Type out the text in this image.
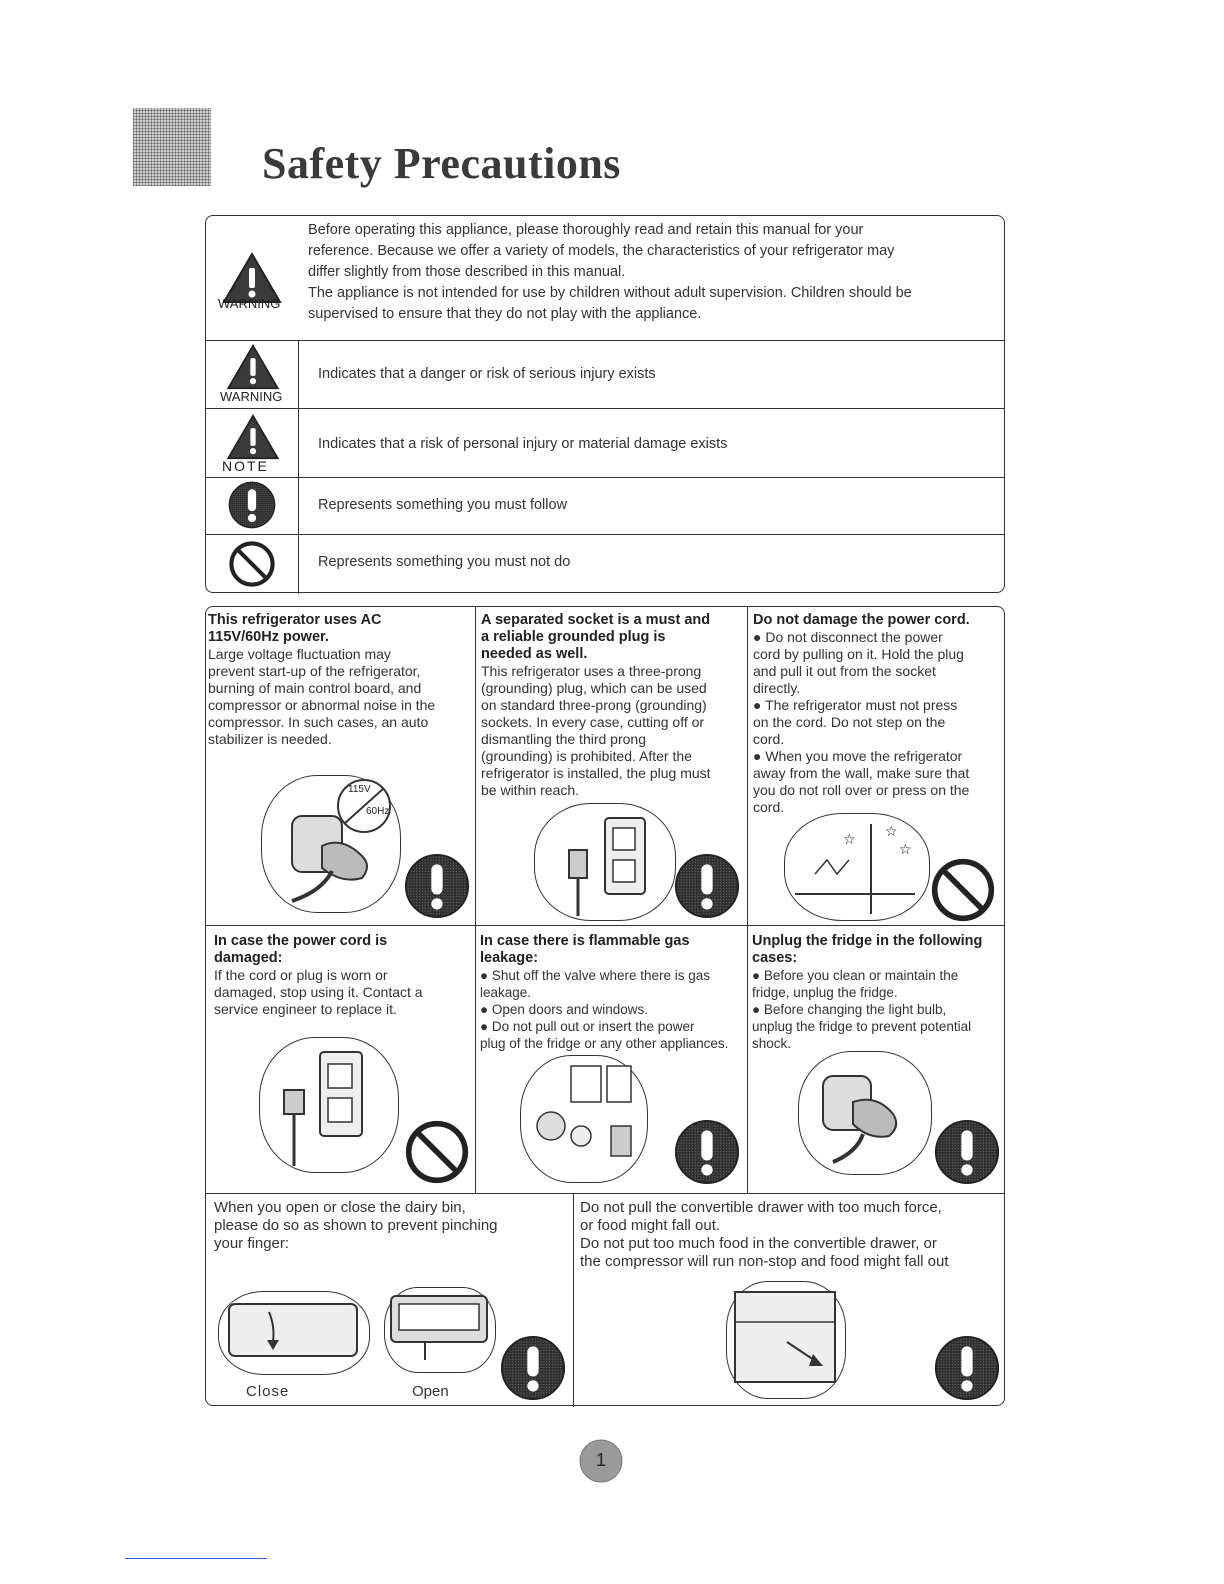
Safety Precautions
WARNING
Before operating this appliance, please thoroughly read and retain this manual for your
reference. Because we offer a variety of models, the characteristics of your refrigerator may
differ slightly from those described in this manual.
The appliance is not intended for use by children without adult supervision. Children should be
supervised to ensure that they do not play with the appliance.
WARNING
Indicates that a danger or risk of serious injury exists
NOTE
Indicates that a risk of personal injury or material damage exists
Represents something you must follow
Represents something you must not do
This refrigerator uses AC
115V/60Hz power.
Large voltage fluctuation may
prevent start-up of the refrigerator,
burning of main control board, and
compressor or abnormal noise in the
compressor. In such cases, an auto
stabilizer is needed.
115V
60Hz
A separated socket is a must and
a reliable grounded plug is
needed as well.
This refrigerator uses a three-prong
(grounding) plug, which can be used
on standard three-prong (grounding)
sockets. In every case, cutting off or
dismantling the third prong
(grounding) is prohibited. After the
refrigerator is installed, the plug must
be within reach.
Do not damage the power cord.
● Do not disconnect the power
cord by pulling on it. Hold the plug
and pull it out from the socket
directly.
● The refrigerator must not press
on the cord. Do not step on the
cord.
● When you move the refrigerator
away from the wall, make sure that
you do not roll over or press on the
cord.
☆ ☆
☆
In case the power cord is
damaged:
If the cord or plug is worn or
damaged, stop using it. Contact a
service engineer to replace it.
In case there is flammable gas
leakage:
● Shut off the valve where there is gas
leakage.
● Open doors and windows.
● Do not pull out or insert the power
plug of the fridge or any other appliances.
Unplug the fridge in the following
cases:
● Before you clean or maintain the
fridge, unplug the fridge.
● Before changing the light bulb,
unplug the fridge to prevent potential
shock.
When you open or close the dairy bin,
please do so as shown to prevent pinching
your finger:
Close	Open
Do not pull the convertible drawer with too much force,
or food might fall out.
Do not put too much food in the convertible drawer, or
the compressor will run non-stop and food might fall out
1
